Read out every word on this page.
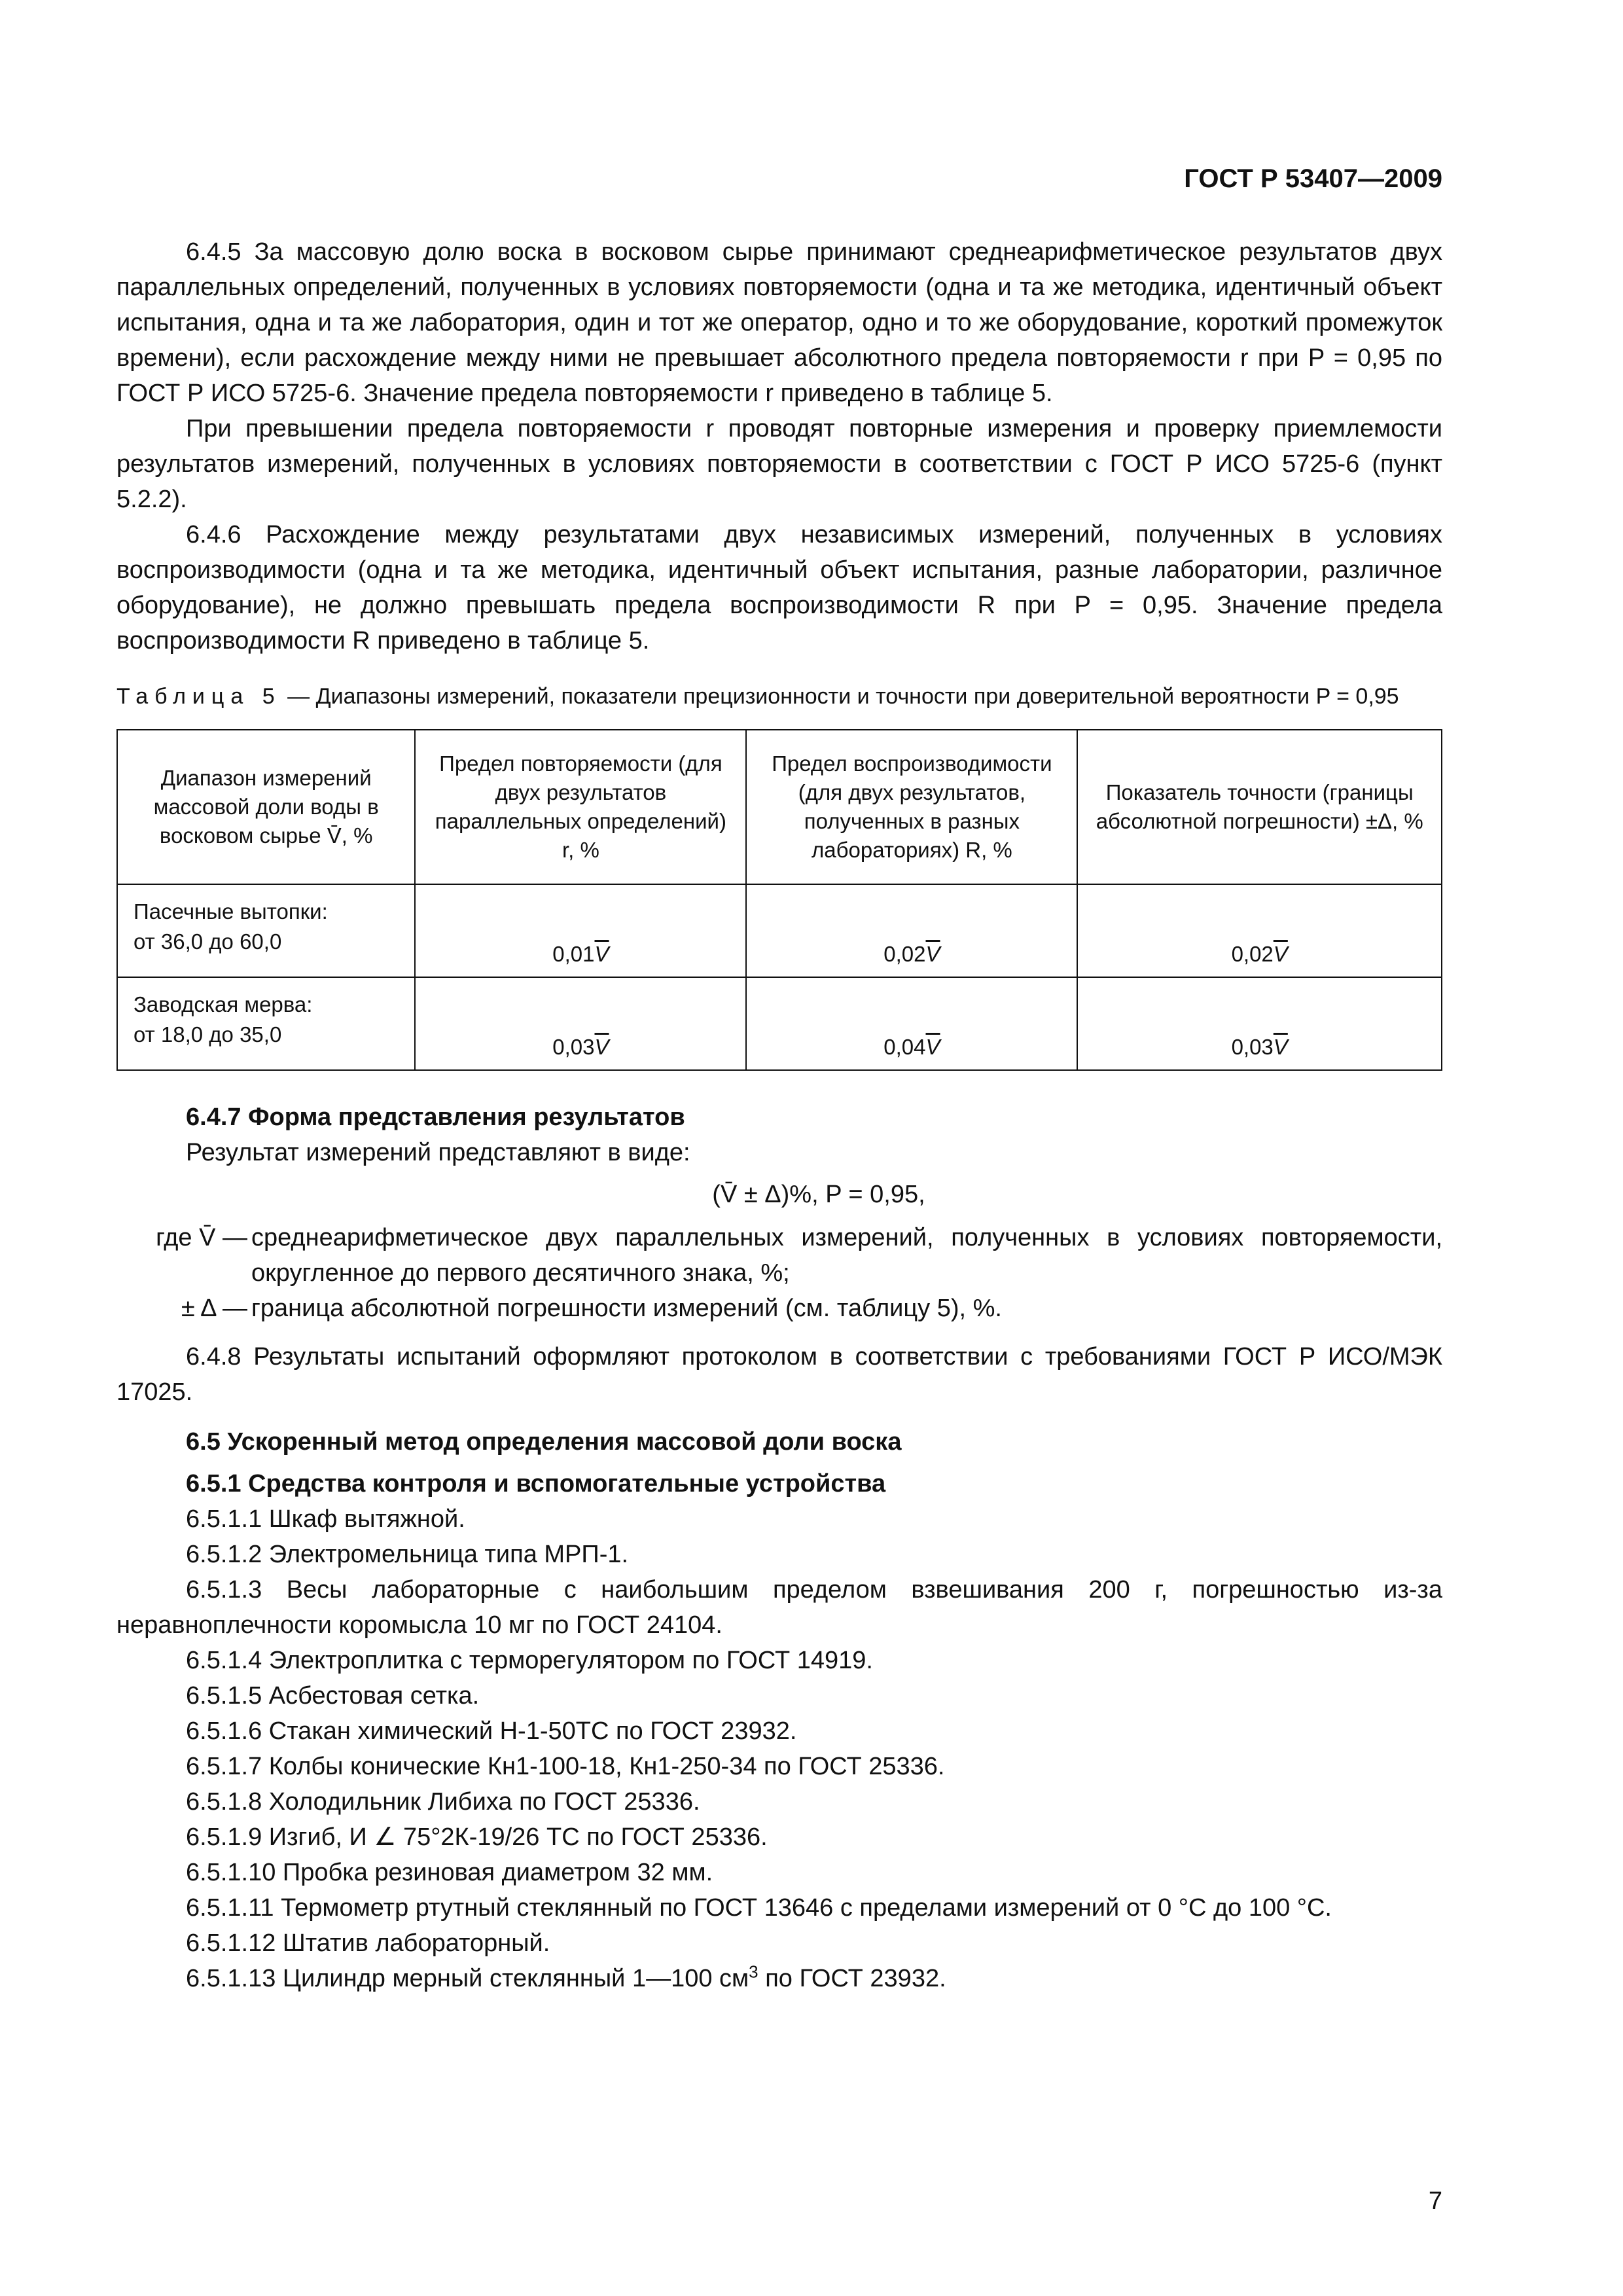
ГОСТ Р 53407—2009

6.4.5 За массовую долю воска в восковом сырье принимают среднеарифметическое результатов двух параллельных определений, полученных в условиях повторяемости (одна и та же методика, идентичный объект испытания, одна и та же лаборатория, один и тот же оператор, одно и то же оборудование, короткий промежуток времени), если расхождение между ними не превышает абсолютного предела повторяемости r при P = 0,95 по ГОСТ Р ИСО 5725-6. Значение предела повторяемости r приведено в таблице 5.

При превышении предела повторяемости r проводят повторные измерения и проверку приемлемости результатов измерений, полученных в условиях повторяемости в соответствии с ГОСТ Р ИСО 5725-6 (пункт 5.2.2).

6.4.6 Расхождение между результатами двух независимых измерений, полученных в условиях воспроизводимости (одна и та же методика, идентичный объект испытания, разные лаборатории, различное оборудование), не должно превышать предела воспроизводимости R при P = 0,95. Значение предела воспроизводимости R приведено в таблице 5.

Таблица 5 — Диапазоны измерений, показатели прецизионности и точности при доверительной вероятности P = 0,95
Диапазон измерений массовой доли воды в восковом сырье V̄, %	Предел повторяемости (для двух результатов параллельных определений) r, %	Предел воспроизводимости (для двух результатов, полученных в разных лабораториях) R, %	Показатель точности (границы абсолютной погрешности) ±Δ, %

Пасечные вытопки:
от 36,0 до 60,0	$0,01\overline{V}$	$0,02\overline{V}$	$0,02\overline{V}$

Заводская мерва:
от 18,0 до 35,0	$0,03\overline{V}$	$0,04\overline{V}$	$0,03\overline{V}$

6.4.7 Форма представления результатов

Результат измерений представляют в виде:

(V̄ ± Δ)%, P = 0,95,
где V̄ — среднеарифметическое двух параллельных измерений, полученных в условиях повторяемости, округленное до первого десятичного знака, %;

± Δ — граница абсолютной погрешности измерений (см. таблицу 5), %.

6.4.8 Результаты испытаний оформляют протоколом в соответствии с требованиями ГОСТ Р ИСО/МЭК 17025.

6.5 Ускоренный метод определения массовой доли воска

6.5.1 Средства контроля и вспомогательные устройства

6.5.1.1 Шкаф вытяжной.

6.5.1.2 Электромельница типа МРП-1.

6.5.1.3 Весы лабораторные с наибольшим пределом взвешивания 200 г, погрешностью из-за неравноплечности коромысла 10 мг по ГОСТ 24104.

6.5.1.4 Электроплитка с терморегулятором по ГОСТ 14919.

6.5.1.5 Асбестовая сетка.

6.5.1.6 Стакан химический Н-1-50ТС по ГОСТ 23932.

6.5.1.7 Колбы конические Кн1-100-18, Кн1-250-34 по ГОСТ 25336.

6.5.1.8 Холодильник Либиха по ГОСТ 25336.

6.5.1.9 Изгиб, И ∠ 75°2К-19/26 ТС по ГОСТ 25336.

6.5.1.10 Пробка резиновая диаметром 32 мм.

6.5.1.11 Термометр ртутный стеклянный по ГОСТ 13646 с пределами измерений от 0 °С до 100 °С.

6.5.1.12 Штатив лабораторный.

6.5.1.13 Цилиндр мерный стеклянный 1—100 $см^3$ по ГОСТ 23932.

7
